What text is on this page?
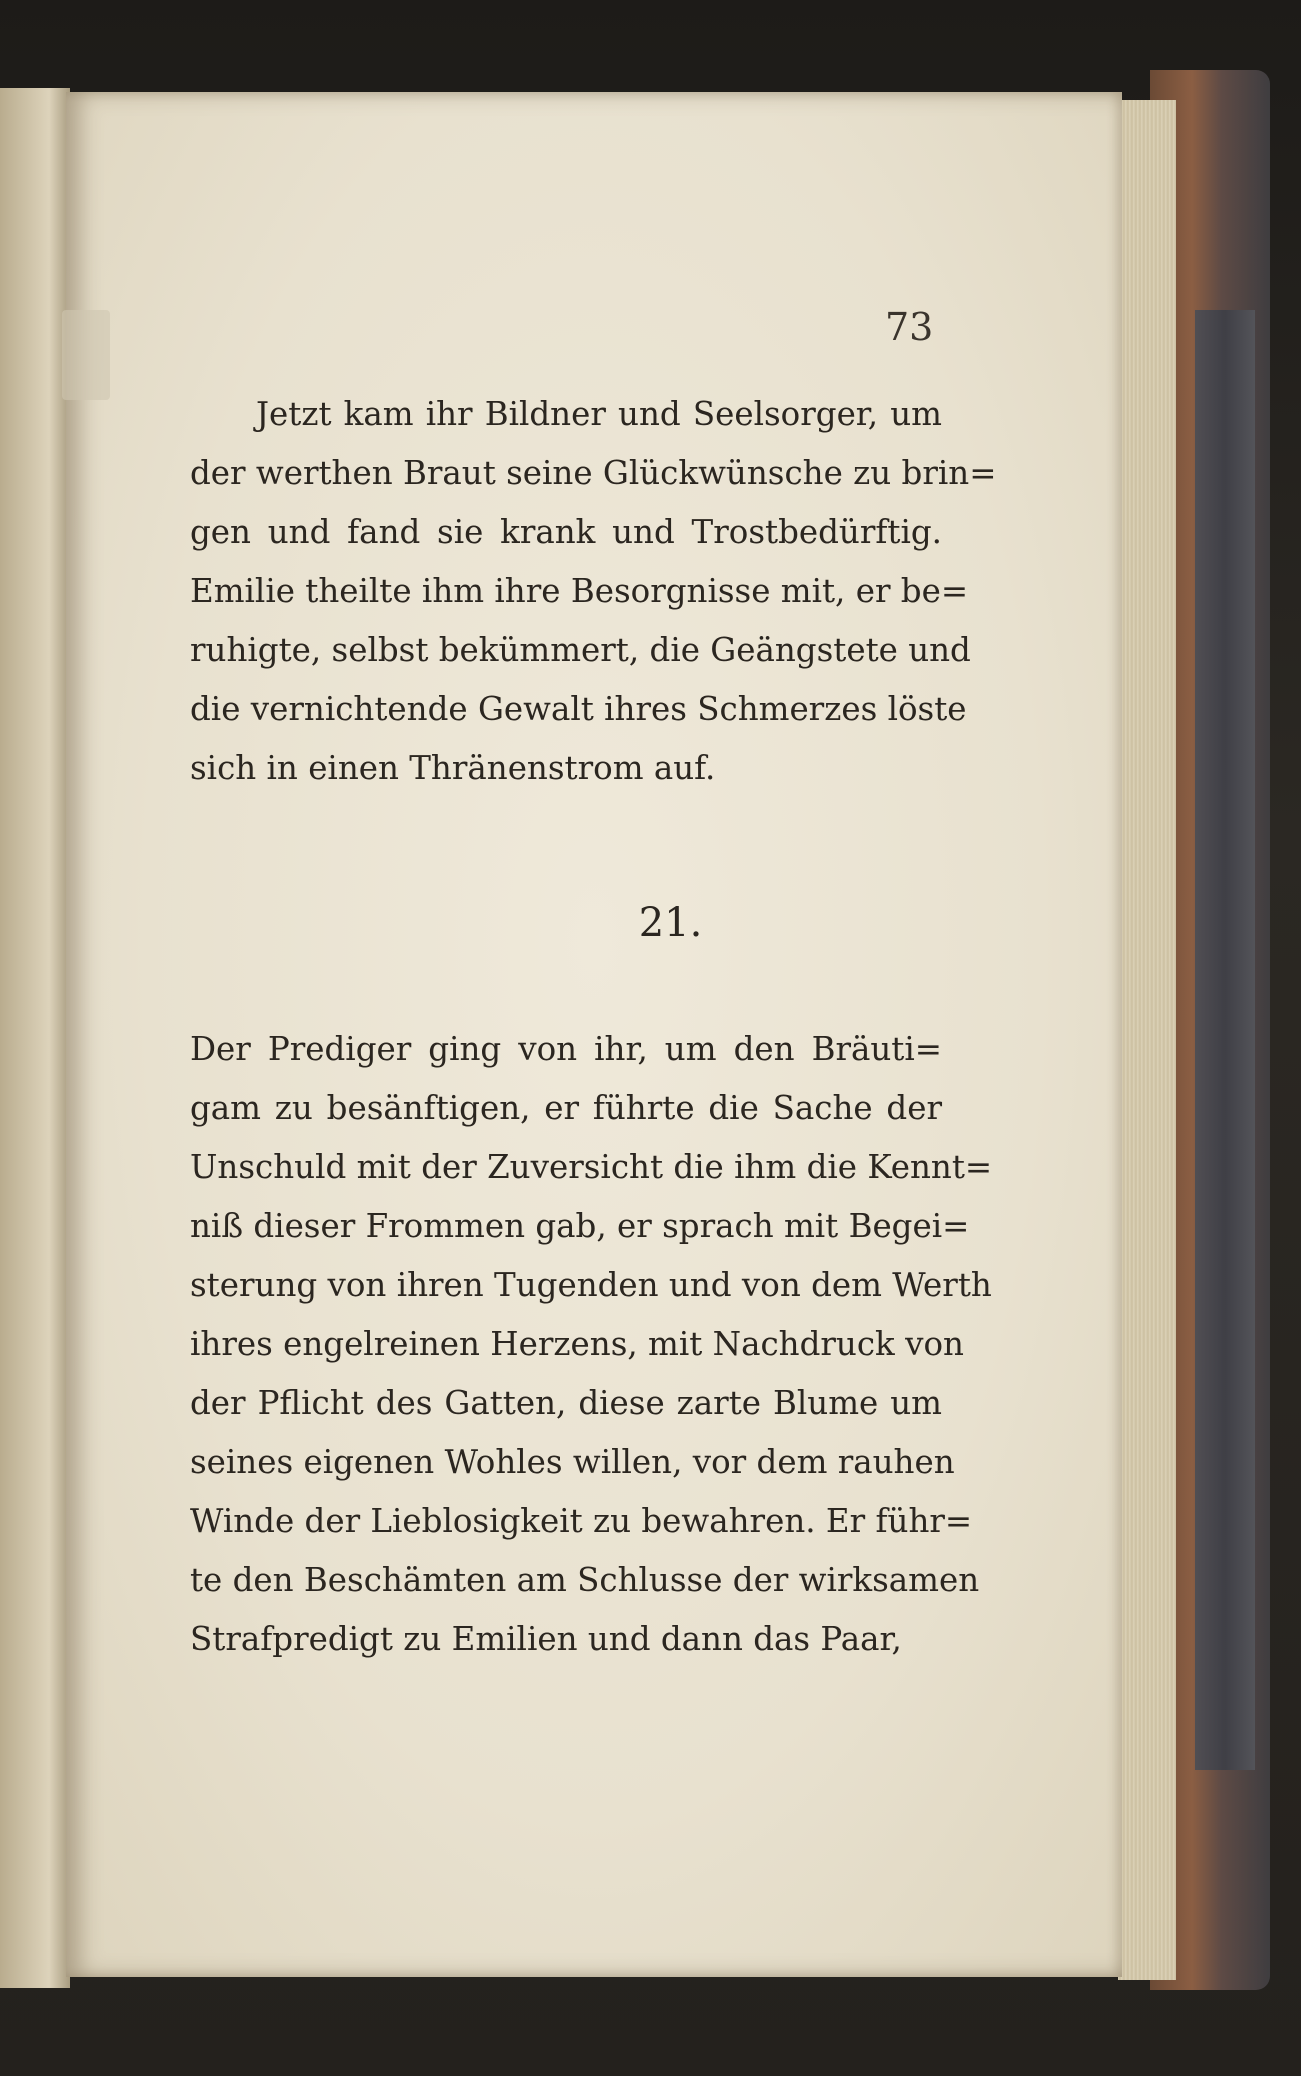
73
Jetzt kam ihr Bildner und Seelsorger, um
der werthen Braut seine Glückwünsche zu brin=
gen und fand sie krank und Trostbedürftig.
Emilie theilte ihm ihre Besorgnisse mit, er be=
ruhigte, selbst bekümmert, die Geängstete und
die vernichtende Gewalt ihres Schmerzes löste
sich in einen Thränenstrom auf.
21.
Der Prediger ging von ihr, um den Bräuti=
gam zu besänftigen, er führte die Sache der
Unschuld mit der Zuversicht die ihm die Kennt=
niß dieser Frommen gab, er sprach mit Begei=
sterung von ihren Tugenden und von dem Werth
ihres engelreinen Herzens, mit Nachdruck von
der Pflicht des Gatten, diese zarte Blume um
seines eigenen Wohles willen, vor dem rauhen
Winde der Lieblosigkeit zu bewahren. Er führ=
te den Beschämten am Schlusse der wirksamen
Strafpredigt zu Emilien und dann das Paar,
